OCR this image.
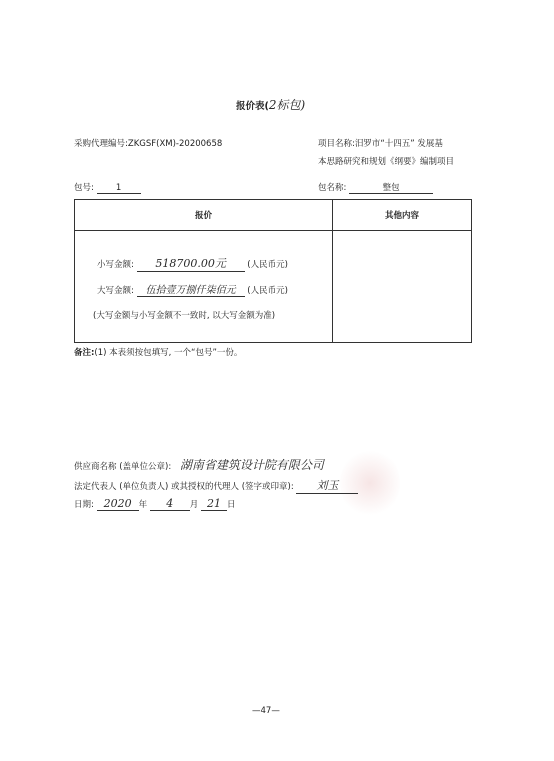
报价表(2标包)
采购代理编号:ZKGSF(XM)-20200658	项目名称:汨罗市“十四五” 发展基
本思路研究和规划《纲要》编制项目
包号:	1	包名称:	整包
报价	其他内容

小写金额: 518700.00元 (人民币元)
大写金额: 伍拾壹万捌仟柒佰元 (人民币元)
(大写金额与小写金额不一致时, 以大写金额为准)	

备注:(1) 本表须按包填写, 一个“包号”一份。
供应商名称 (盖单位公章): 湖南省建筑设计院有限公司
法定代表人 (单位负责人) 或其授权的代理人 (签字或印章): 刘玉
日期: 2020 年 4 月 21 日
—47—
